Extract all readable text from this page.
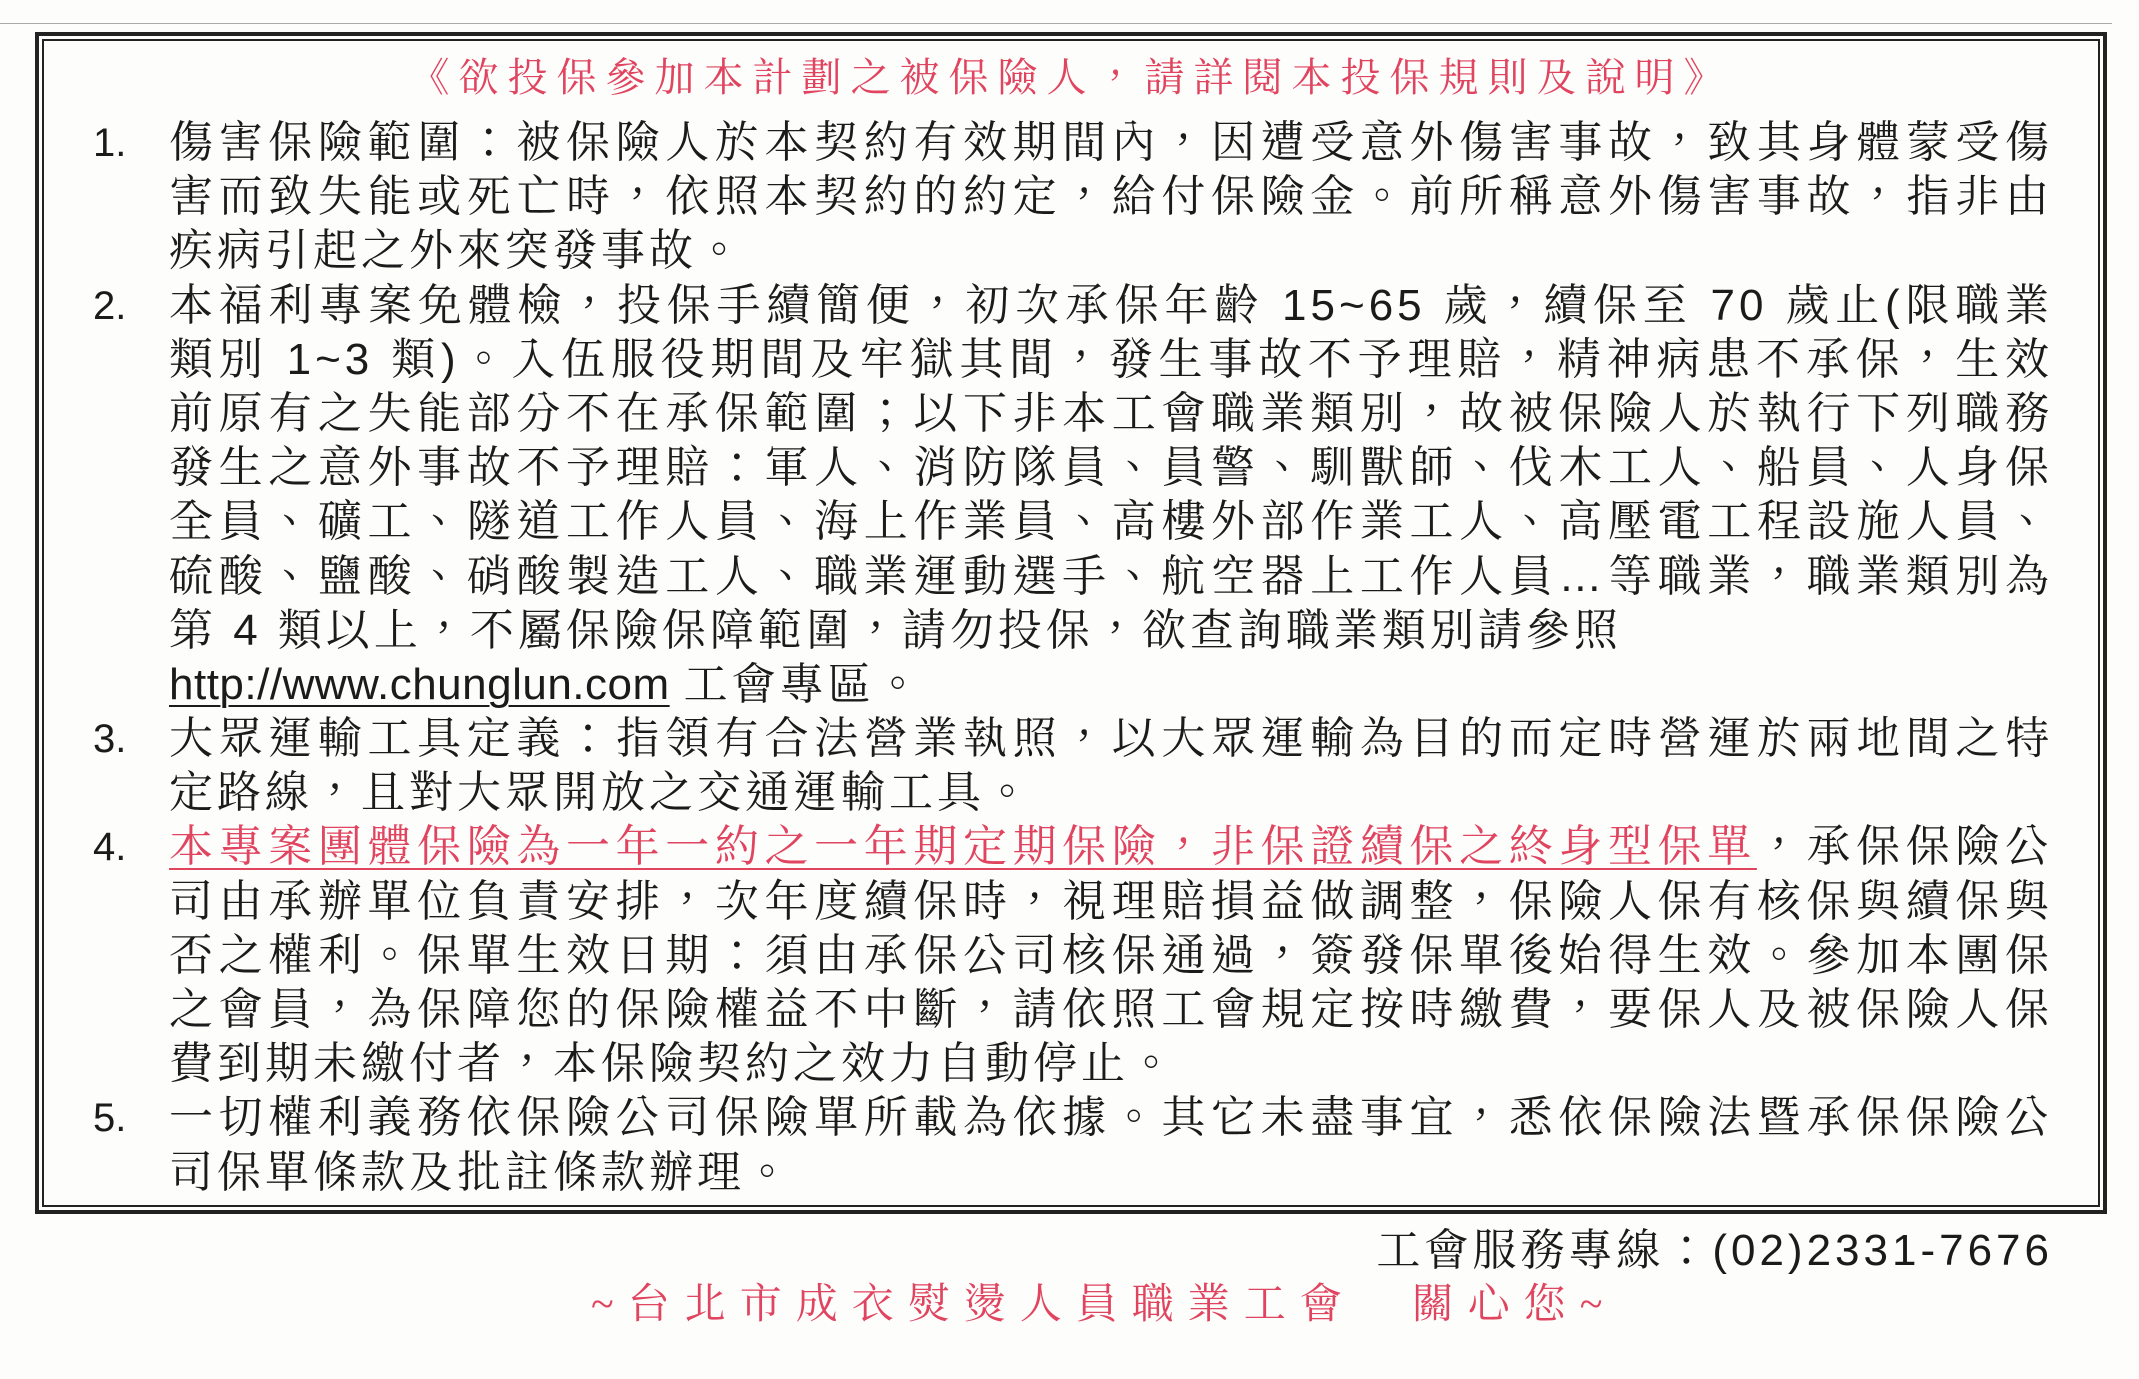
《欲投保參加本計劃之被保險人，請詳閱本投保規則及說明》
1. 傷害保險範圍：被保險人於本契約有效期間內，因遭受意外傷害事故，致其身體蒙受傷
害而致失能或死亡時，依照本契約的約定，給付保險金。前所稱意外傷害事故，指非由
疾病引起之外來突發事故。
2. 本福利專案免體檢，投保手續簡便，初次承保年齡 15~65 歲，續保至 70 歲止(限職業
類別 1~3 類)。入伍服役期間及牢獄其間，發生事故不予理賠，精神病患不承保，生效
前原有之失能部分不在承保範圍；以下非本工會職業類別，故被保險人於執行下列職務
發生之意外事故不予理賠：軍人、消防隊員、員警、馴獸師、伐木工人、船員、人身保
全員、礦工、隧道工作人員、海上作業員、高樓外部作業工人、高壓電工程設施人員、
硫酸、鹽酸、硝酸製造工人、職業運動選手、航空器上工作人員…等職業，職業類別為
第 4 類以上，不屬保險保障範圍，請勿投保，欲查詢職業類別請參照
http://www.chunglun.com 工會專區。
3. 大眾運輸工具定義：指領有合法營業執照，以大眾運輸為目的而定時營運於兩地間之特
定路線，且對大眾開放之交通運輸工具。
4. 本專案團體保險為一年一約之一年期定期保險，非保證續保之終身型保單，承保保險公
司由承辦單位負責安排，次年度續保時，視理賠損益做調整，保險人保有核保與續保與
否之權利。保單生效日期：須由承保公司核保通過，簽發保單後始得生效。參加本團保
之會員，為保障您的保險權益不中斷，請依照工會規定按時繳費，要保人及被保險人保
費到期未繳付者，本保險契約之效力自動停止。
5. 一切權利義務依保險公司保險單所載為依據。其它未盡事宜，悉依保險法暨承保保險公
司保單條款及批註條款辦理。
工會服務專線：(02)2331-7676
~台北市成衣熨燙人員職業工會　關心您~
